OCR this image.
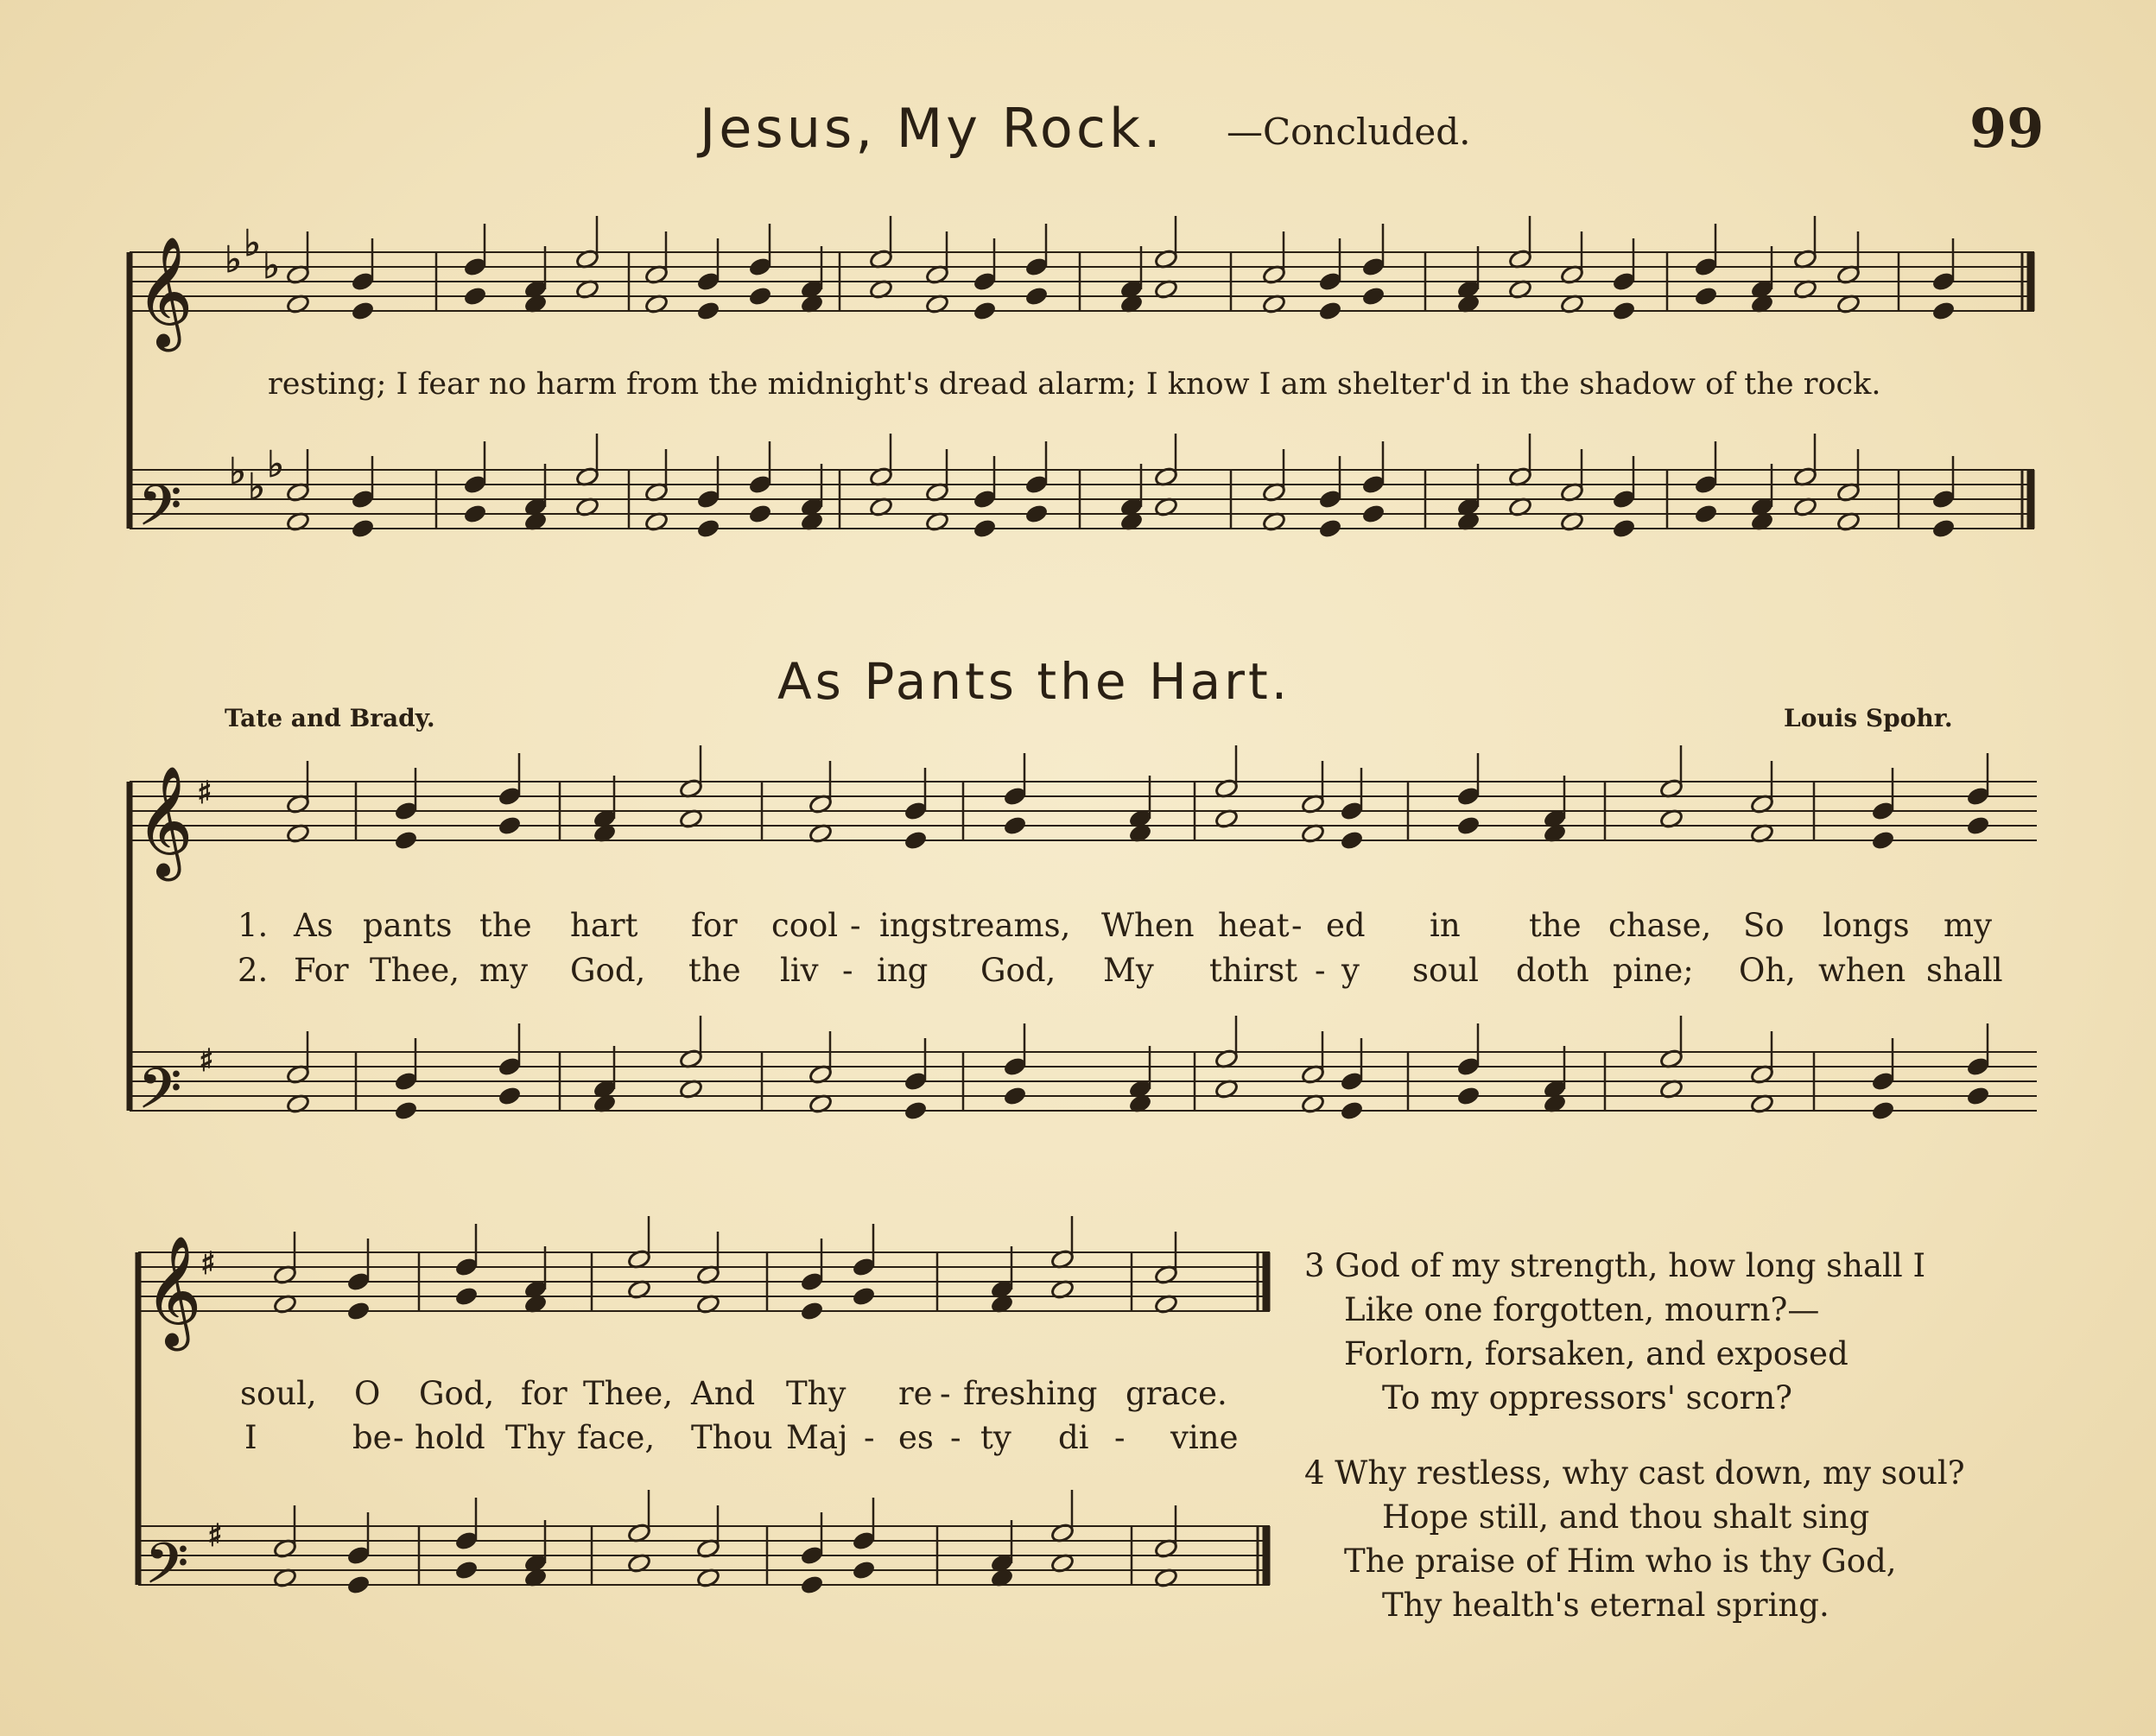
Jesus, My Rock. —Concluded.	99
𝄞
𝄢
𝄞
𝄢
𝄞
𝄢
♭ ♭
♭
♭ ♭
♭
♯
♯
♯
♯
resting; I fear no harm from the midnight's dread alarm; I know I am shelter'd in the shadow of the rock.
As Pants the Hart.
Tate and Brady.	Louis Spohr.
1. As pants the hart for cool - ing streams, When heat - ed in the chase, So longs my
2. For Thee, my God, the liv - ing God, My thirst - y soul doth pine; Oh, when shall
soul, O God, for Thee, And Thy re - freshing grace.
I	be - hold Thy face, Thou Maj - es - ty di - vine
3 God of my strength, how long shall I
Like one forgotten, mourn?—
Forlorn, forsaken, and exposed
To my oppressors' scorn?
4 Why restless, why cast down, my soul?
Hope still, and thou shalt sing
The praise of Him who is thy God,
Thy health's eternal spring.
